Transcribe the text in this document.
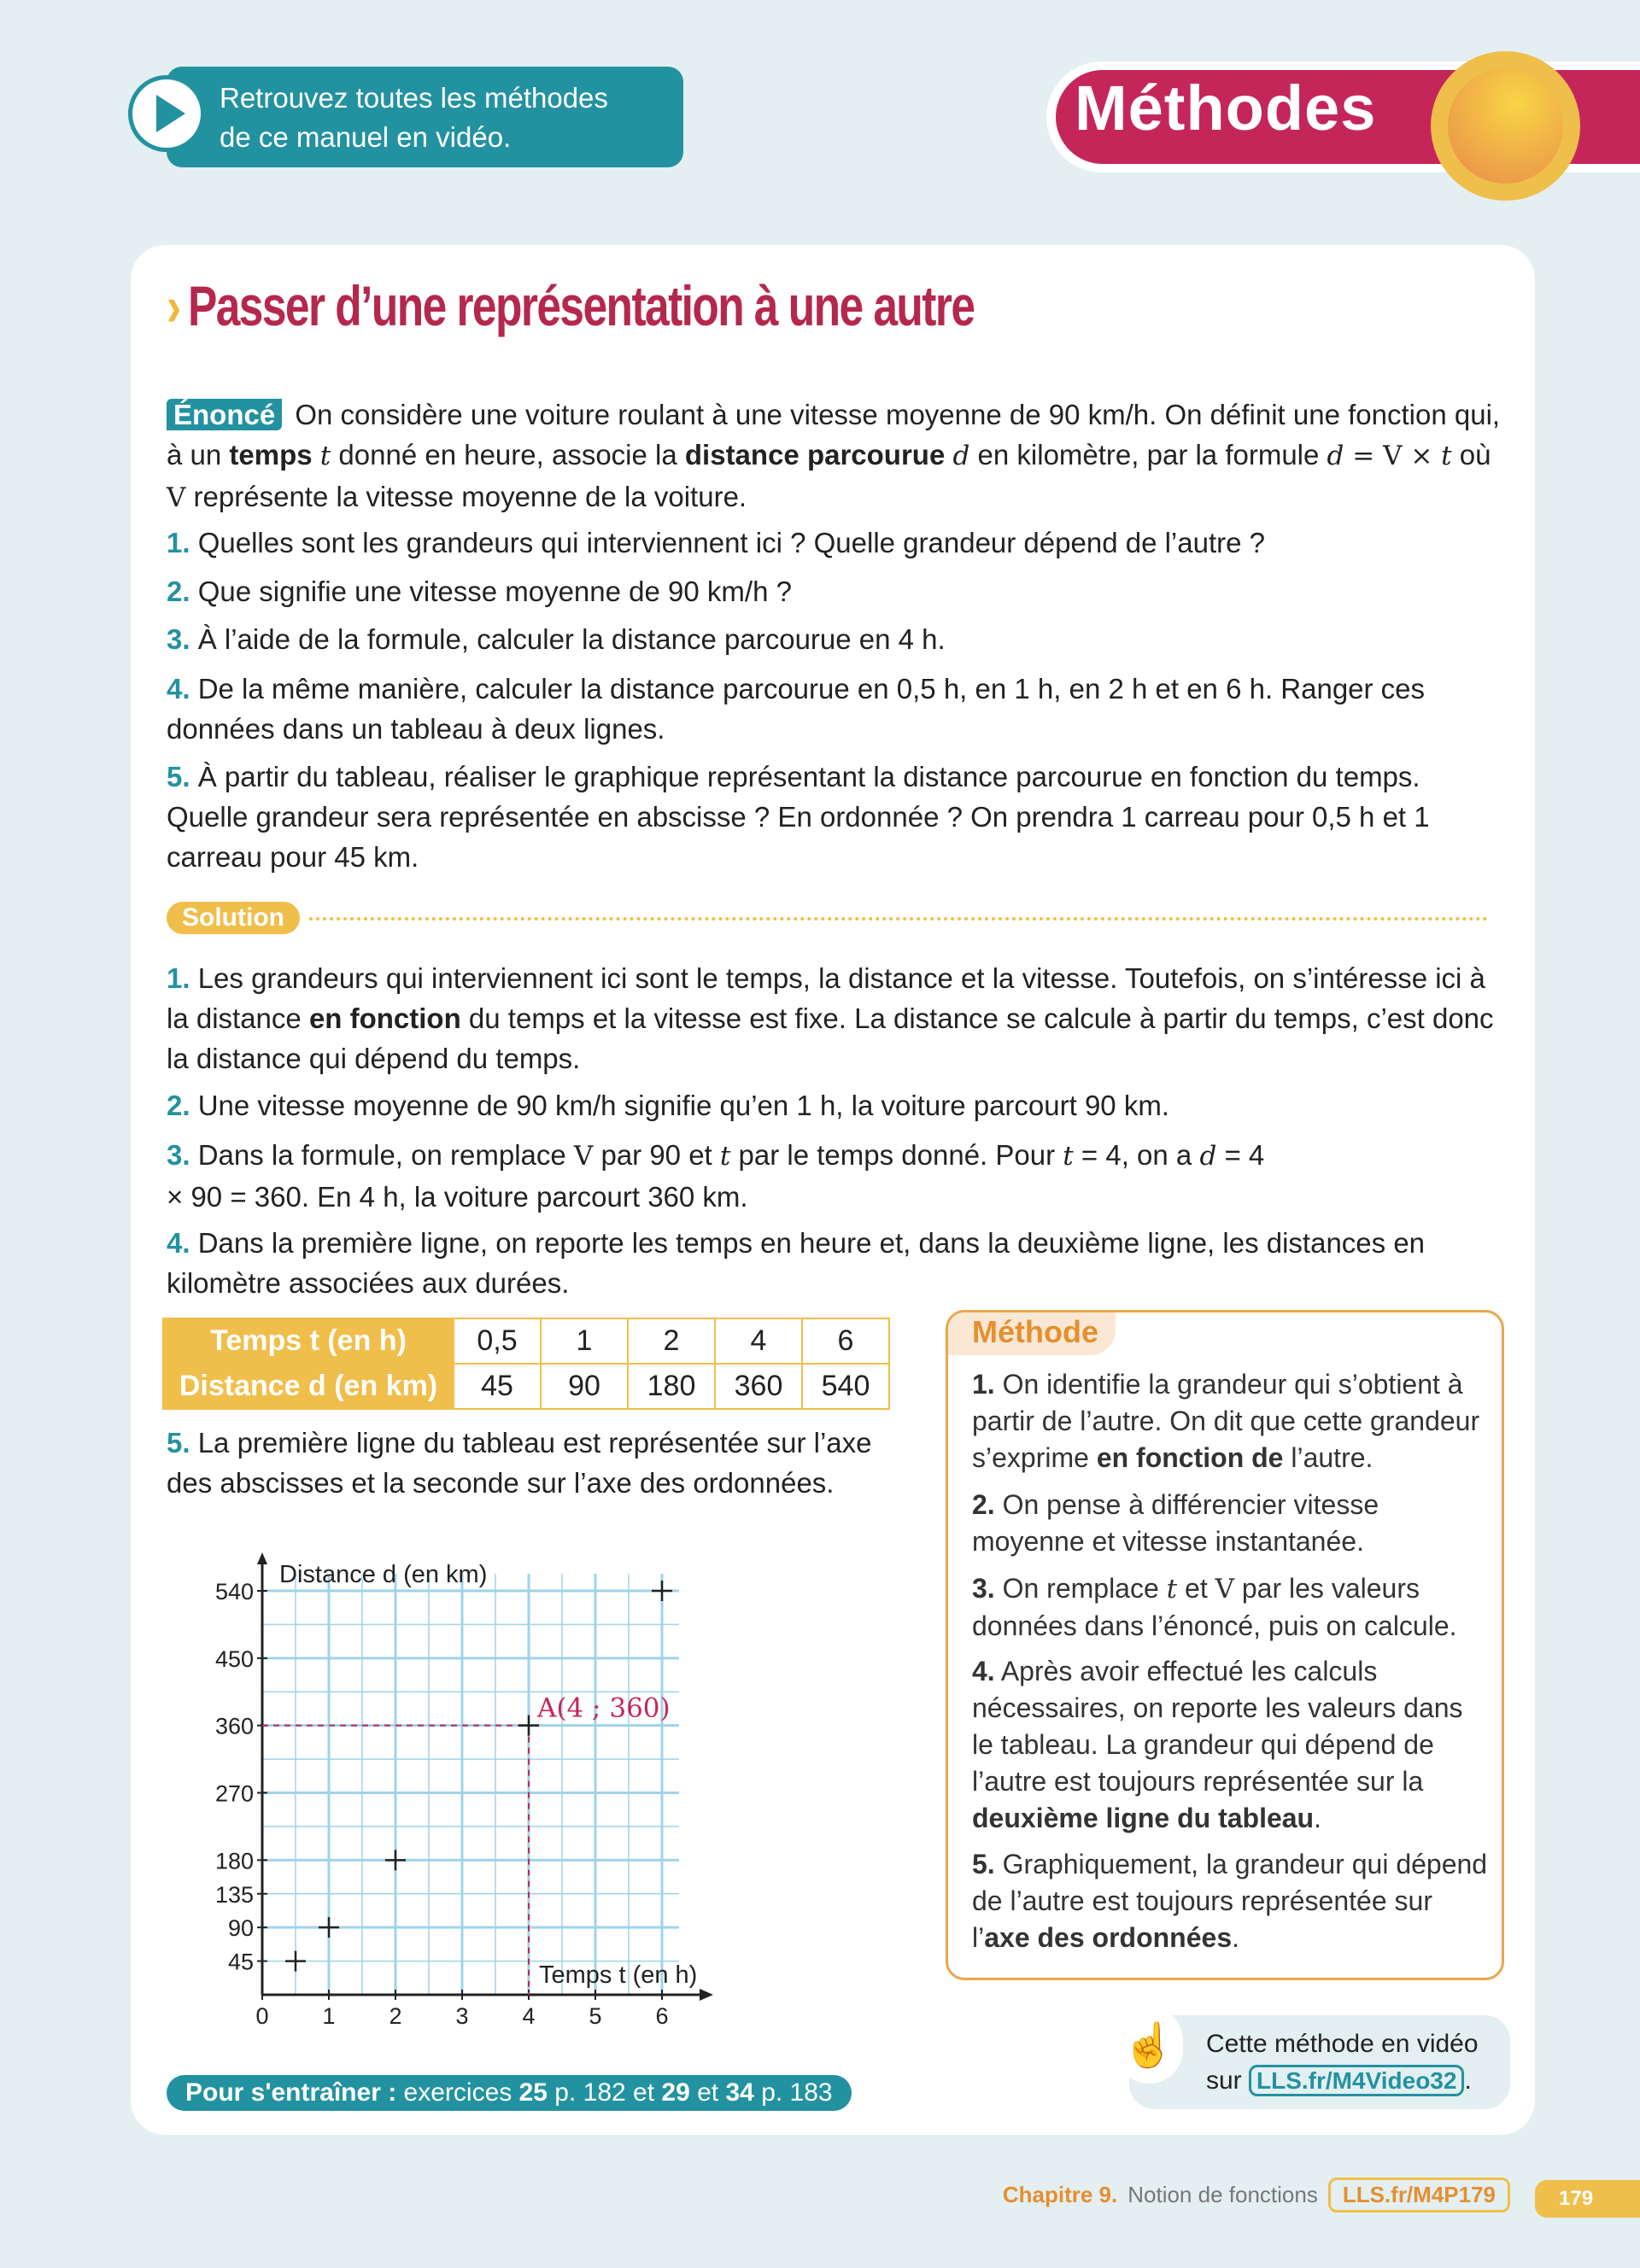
Retrouvez toutes les méthodes
de ce manuel en vidéo.	Méthodes
› Passer d’une représentation à une autre
Énoncé On considère une voiture roulant à une vitesse moyenne de 90 km/h. On définit une fonction qui, à un temps t donné en heure, associe la distance parcourue d en kilomètre, par la formule d = V × t où V représente la vitesse moyenne de la voiture.
1. Quelles sont les grandeurs qui interviennent ici ? Quelle grandeur dépend de l’autre ?
2. Que signifie une vitesse moyenne de 90 km/h ?
3. À l’aide de la formule, calculer la distance parcourue en 4 h.
4. De la même manière, calculer la distance parcourue en 0,5 h, en 1 h, en 2 h et en 6 h. Ranger ces données dans un tableau à deux lignes.
5. À partir du tableau, réaliser le graphique représentant la distance parcourue en fonction du temps. Quelle grandeur sera représentée en abscisse ? En ordonnée ? On prendra 1 carreau pour 0,5 h et 1 carreau pour 45 km.
Solution
1. Les grandeurs qui interviennent ici sont le temps, la distance et la vitesse. Toutefois, on s’intéresse ici à la distance en fonction du temps et la vitesse est fixe. La distance se calcule à partir du temps, c’est donc la distance qui dépend du temps.
2. Une vitesse moyenne de 90 km/h signifie qu’en 1 h, la voiture parcourt 90 km.
3. Dans la formule, on remplace V par 90 et t par le temps donné. Pour t = 4, on a d = 4 × 90 = 360. En 4 h, la voiture parcourt 360 km.
4. Dans la première ligne, on reporte les temps en heure et, dans la deuxième ligne, les distances en kilomètre associées aux durées.
Temps t (en h)	0,5	1	2	4	6
Distance d (en km)	45	90	180	360	540
5. La première ligne du tableau est représentée sur l’axe des abscisses et la seconde sur l’axe des ordonnées.
0 1 2 3 4 5 6
45
90
135
180
270
360
450
540
Distance d (en km)
Temps t (en h)
A(4 ; 360)
Méthode
1. On identifie la grandeur qui s’obtient à partir de l’autre. On dit que cette grandeur s’exprime en fonction de l’autre.
2. On pense à différencier vitesse moyenne et vitesse instantanée.
3. On remplace t et V par les valeurs données dans l’énoncé, puis on calcule.
4. Après avoir effectué les calculs nécessaires, on reporte les valeurs dans le tableau. La grandeur qui dépend de l’autre est toujours représentée sur la deuxième ligne du tableau.
5. Graphiquement, la grandeur qui dépend de l’autre est toujours représentée sur l’axe des ordonnées.
Cette méthode en vidéo
sur LLS.fr/M4Video32 .
☝
Pour s'entraîner : exercices 25 p. 182 et 29 et 34 p. 183
Chapitre 9. Notion de fonctions	LLS.fr/M4P179	179
